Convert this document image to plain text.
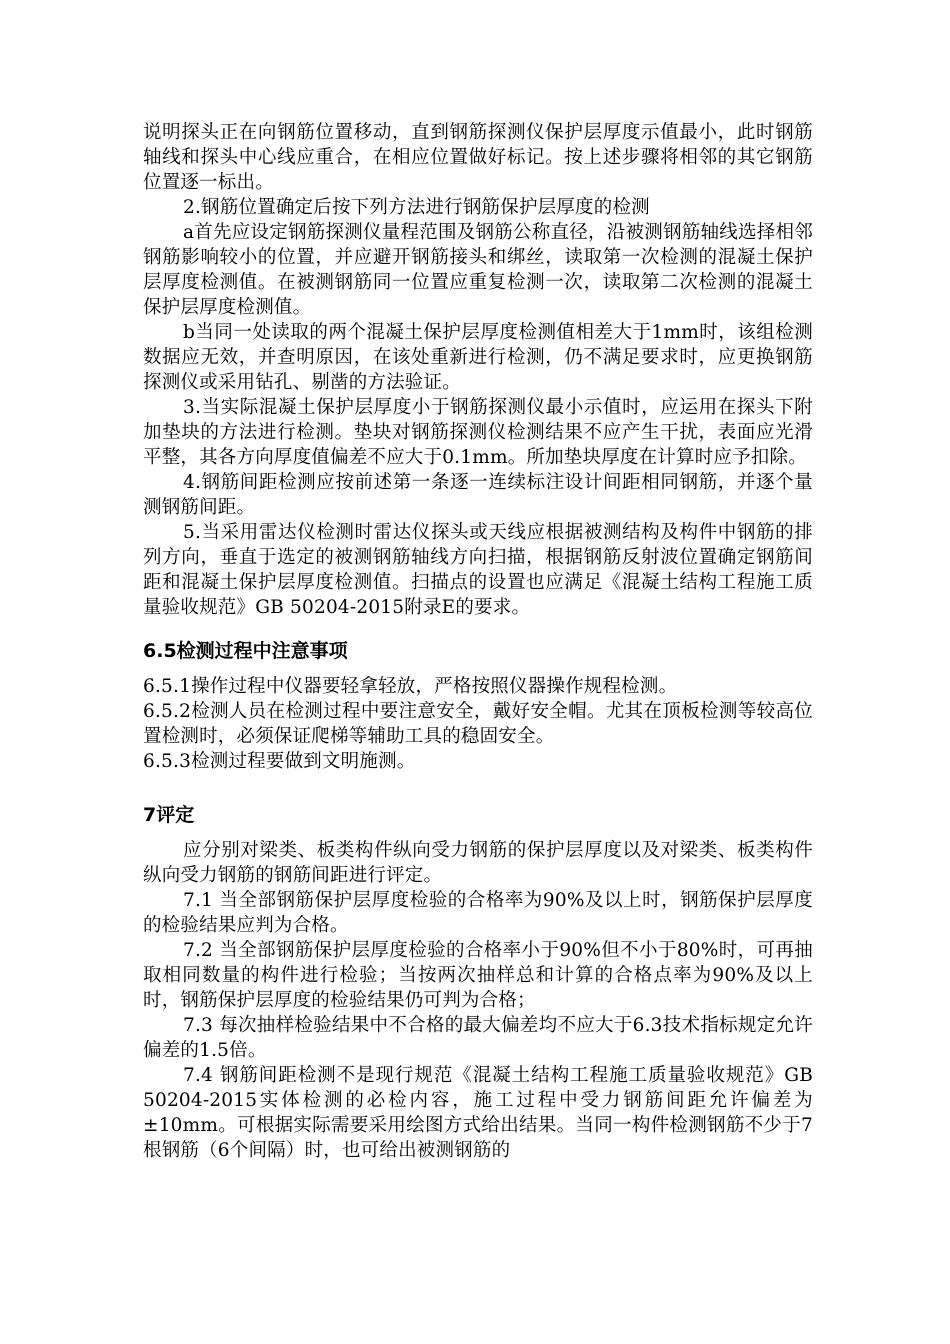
说明探头正在向钢筋位置移动，直到钢筋探测仪保护层厚度示值最小，此时钢筋轴线和探头中心线应重合，在相应位置做好标记。按上述步骤将相邻的其它钢筋位置逐一标出。

2.钢筋位置确定后按下列方法进行钢筋保护层厚度的检测

a首先应设定钢筋探测仪量程范围及钢筋公称直径，沿被测钢筋轴线选择相邻钢筋影响较小的位置，并应避开钢筋接头和绑丝，读取第一次检测的混凝土保护层厚度检测值。在被测钢筋同一位置应重复检测一次，读取第二次检测的混凝土保护层厚度检测值。

b当同一处读取的两个混凝土保护层厚度检测值相差大于1mm时，该组检测数据应无效，并查明原因，在该处重新进行检测，仍不满足要求时，应更换钢筋探测仪或采用钻孔、剔凿的方法验证。

3.当实际混凝土保护层厚度小于钢筋探测仪最小示值时，应运用在探头下附加垫块的方法进行检测。垫块对钢筋探测仪检测结果不应产生干扰，表面应光滑平整，其各方向厚度值偏差不应大于0.1mm。所加垫块厚度在计算时应予扣除。

4.钢筋间距检测应按前述第一条逐一连续标注设计间距相同钢筋，并逐个量测钢筋间距。

5.当采用雷达仪检测时雷达仪探头或天线应根据被测结构及构件中钢筋的排列方向，垂直于选定的被测钢筋轴线方向扫描，根据钢筋反射波位置确定钢筋间距和混凝土保护层厚度检测值。扫描点的设置也应满足《混凝土结构工程施工质量验收规范》GB 50204-2015附录E的要求。

6.5检测过程中注意事项

6.5.1操作过程中仪器要轻拿轻放，严格按照仪器操作规程检测。

6.5.2检测人员在检测过程中要注意安全，戴好安全帽。尤其在顶板检测等较高位置检测时，必须保证爬梯等辅助工具的稳固安全。

6.5.3检测过程要做到文明施测。

7评定

应分别对梁类、板类构件纵向受力钢筋的保护层厚度以及对梁类、板类构件纵向受力钢筋的钢筋间距进行评定。

7.1 当全部钢筋保护层厚度检验的合格率为90%及以上时，钢筋保护层厚度的检验结果应判为合格。

7.2 当全部钢筋保护层厚度检验的合格率小于90%但不小于80%时，可再抽取相同数量的构件进行检验；当按两次抽样总和计算的合格点率为90%及以上时，钢筋保护层厚度的检验结果仍可判为合格；

7.3 每次抽样检验结果中不合格的最大偏差均不应大于6.3技术指标规定允许偏差的1.5倍。

7.4 钢筋间距检测不是现行规范《混凝土结构工程施工质量验收规范》GB 50204-2015实体检测的必检内容，施工过程中受力钢筋间距允许偏差为±10mm。可根据实际需要采用绘图方式给出结果。当同一构件检测钢筋不少于7根钢筋（6个间隔）时，也可给出被测钢筋的
